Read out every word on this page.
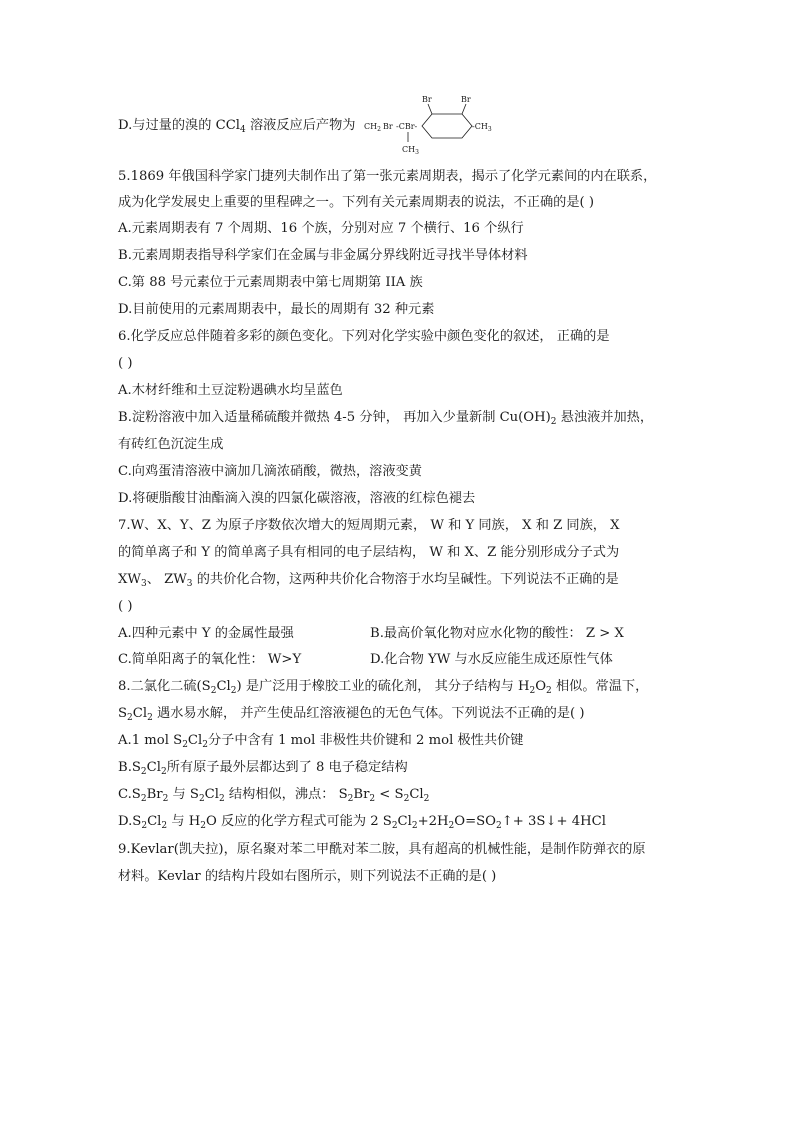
D.与过量的溴的 CCl$_4$ 溶液反应后产物为
Br	Br
$CH_2$ Br -CBr-
$CH_3$
$-CH_3$
5.1869 年俄国科学家门捷列夫制作出了第一张元素周期表，揭示了化学元素间的内在联系，
成为化学发展史上重要的里程碑之一。下列有关元素周期表的说法，不正确的是( )
A.元素周期表有 7 个周期、16 个族，分别对应 7 个横行、16 个纵行
B.元素周期表指导科学家们在金属与非金属分界线附近寻找半导体材料
C.第 88 号元素位于元素周期表中第七周期第 IIA 族
D.目前使用的元素周期表中，最长的周期有 32 种元素
6.化学反应总伴随着多彩的颜色变化。下列对化学实验中颜色变化的叙述， 正确的是
( )
A.木材纤维和土豆淀粉遇碘水均呈蓝色
B.淀粉溶液中加入适量稀硫酸并微热 4-5 分钟， 再加入少量新制 $Cu(OH)_2$ 悬浊液并加热，
有砖红色沉淀生成
C.向鸡蛋清溶液中滴加几滴浓硝酸，微热，溶液变黄
D.将硬脂酸甘油酯滴入溴的四氯化碳溶液，溶液的红棕色褪去
7.W、X、Y、Z 为原子序数依次增大的短周期元素， W 和 Y 同族， X 和 Z 同族， X
的简单离子和 Y 的简单离子具有相同的电子层结构， W 和 X、Z 能分别形成分子式为
$XW_3$、 $ZW_3$ 的共价化合物，这两种共价化合物溶于水均呈碱性。下列说法不正确的是
( )
A.四种元素中 Y 的金属性最强	B.最高价氧化物对应水化物的酸性： Z > X
C.简单阳离子的氧化性： W>Y	D.化合物 YW 与水反应能生成还原性气体
8.二氯化二硫$(S_2Cl_2)$ 是广泛用于橡胶工业的硫化剂， 其分子结构与 $H_2O_2$ 相似。常温下，
$S_2Cl_2$ 遇水易水解， 并产生使品红溶液褪色的无色气体。下列说法不正确的是( )
A.1 mol $S_2Cl_2$分子中含有 1 mol 非极性共价键和 2 mol 极性共价键
$B.S_2Cl_2$所有原子最外层都达到了 8 电子稳定结构
$C.S_2Br_2$ 与 $S_2Cl_2$ 结构相似，沸点： $S_2Br_2 < S_2Cl_2$
$D.S_2Cl_2$ 与 $H_2O$ 反应的化学方程式可能为 2 $S_2Cl_2+2H_2O=SO_2↑+$ 3S↓+ 4HCl
9.Kevlar(凯夫拉)，原名聚对苯二甲酰对苯二胺，具有超高的机械性能，是制作防弹衣的原
材料。Kevlar 的结构片段如右图所示，则下列说法不正确的是( )
